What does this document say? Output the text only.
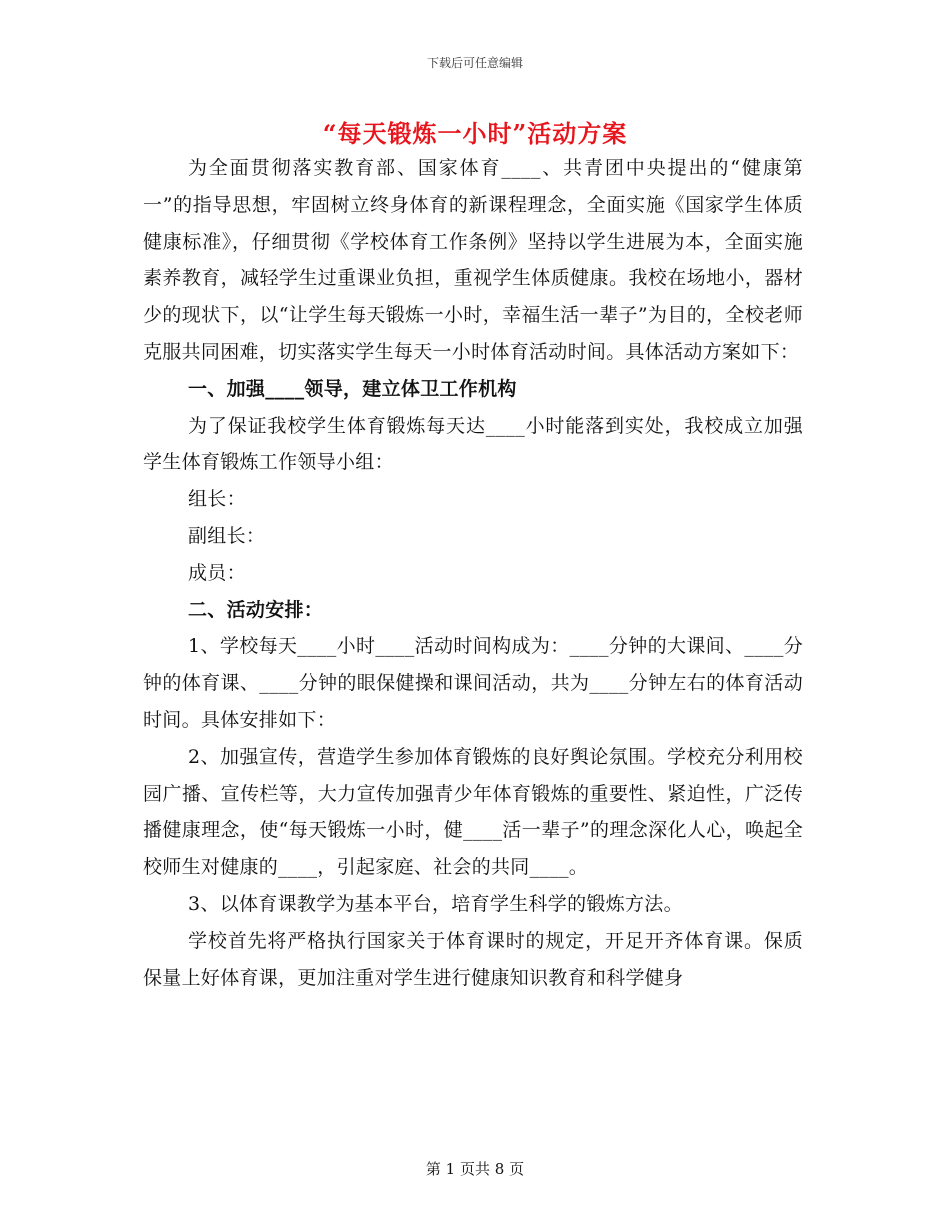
下载后可任意编辑
“每天锻炼一小时”活动方案

为全面贯彻落实教育部、国家体育____、共青团中央提出的“健康第一”的指导思想，牢固树立终身体育的新课程理念，全面实施《国家学生体质健康标准》，仔细贯彻《学校体育工作条例》坚持以学生进展为本，全面实施素养教育，减轻学生过重课业负担，重视学生体质健康。我校在场地小，器材少的现状下，以“让学生每天锻炼一小时，幸福生活一辈子”为目的，全校老师克服共同困难，切实落实学生每天一小时体育活动时间。具体活动方案如下：

一、加强____领导，建立体卫工作机构

为了保证我校学生体育锻炼每天达____小时能落到实处，我校成立加强学生体育锻炼工作领导小组：

组长：

副组长：

成员：

二、活动安排：

1、学校每天____小时____活动时间构成为：____分钟的大课间、____分钟的体育课、____分钟的眼保健操和课间活动，共为____分钟左右的体育活动时间。具体安排如下：

2、加强宣传，营造学生参加体育锻炼的良好舆论氛围。学校充分利用校园广播、宣传栏等，大力宣传加强青少年体育锻炼的重要性、紧迫性，广泛传播健康理念，使“每天锻炼一小时，健____活一辈子”的理念深化人心，唤起全校师生对健康的____，引起家庭、社会的共同____。

3、以体育课教学为基本平台，培育学生科学的锻炼方法。

学校首先将严格执行国家关于体育课时的规定，开足开齐体育课。保质保量上好体育课，更加注重对学生进行健康知识教育和科学健身

第 1 页共 8 页
